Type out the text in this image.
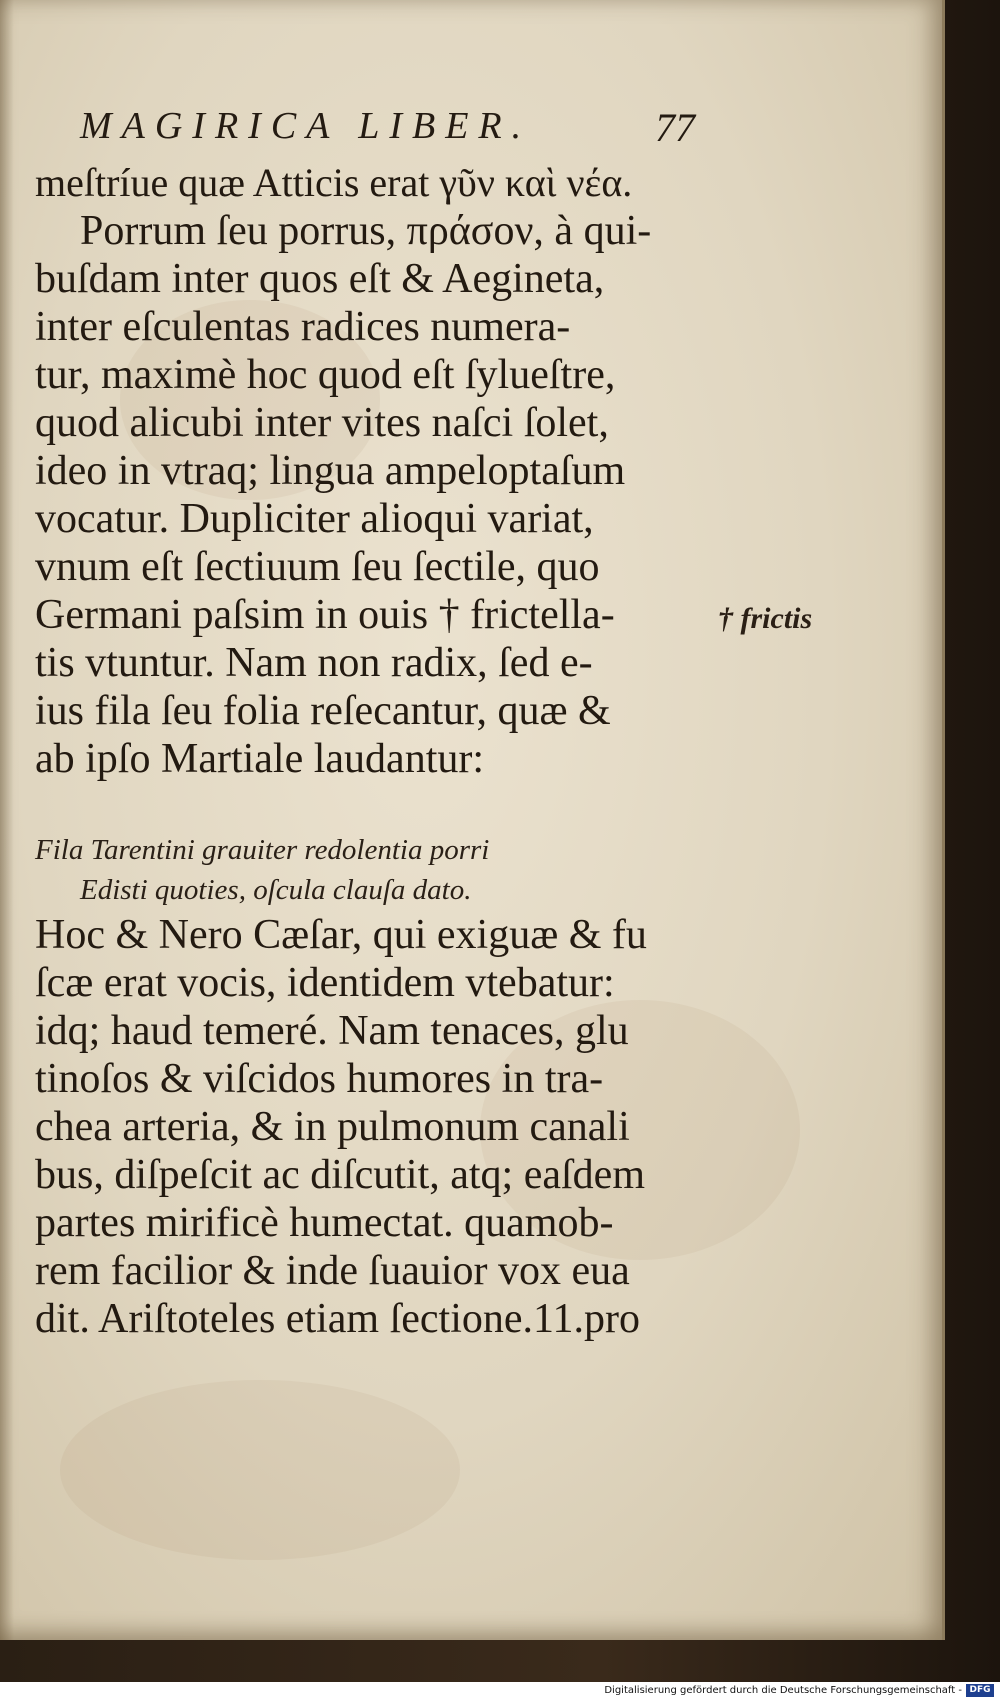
MAGIRICA LIBER.	77
meſtríue quæ Atticis erat γῦν καὶ νέα.
Porrum ſeu porrus, πράσον, à qui-
buſdam inter quos eſt & Aegineta,
inter eſculentas radices numera-
tur, maximè hoc quod eſt ſylueſtre,
quod alicubi inter vites naſci ſolet,
ideo in vtraq; lingua ampeloptaſum
vocatur. Dupliciter alioqui variat,
vnum eſt ſectiuum ſeu ſectile, quo
Germani paſsim in ouis † frictella-
tis vtuntur. Nam non radix, ſed e-
ius fila ſeu folia reſecantur, quæ &
ab ipſo Martiale laudantur:
† frictis
Fila Tarentini grauiter redolentia porri
Edisti quoties, oſcula clauſa dato.
Hoc & Nero Cæſar, qui exiguæ & fu
ſcæ erat vocis, identidem vtebatur:
idq; haud temeré. Nam tenaces, glu
tinoſos & viſcidos humores in tra-
chea arteria, & in pulmonum canali
bus, diſpeſcit ac diſcutit, atq; eaſdem
partes mirificè humectat. quamob-
rem facilior & inde ſuauior vox eua
dit. Ariſtoteles etiam ſectione.11.pro
Digitalisierung gefördert durch die Deutsche Forschungsgemeinschaft - DFG
